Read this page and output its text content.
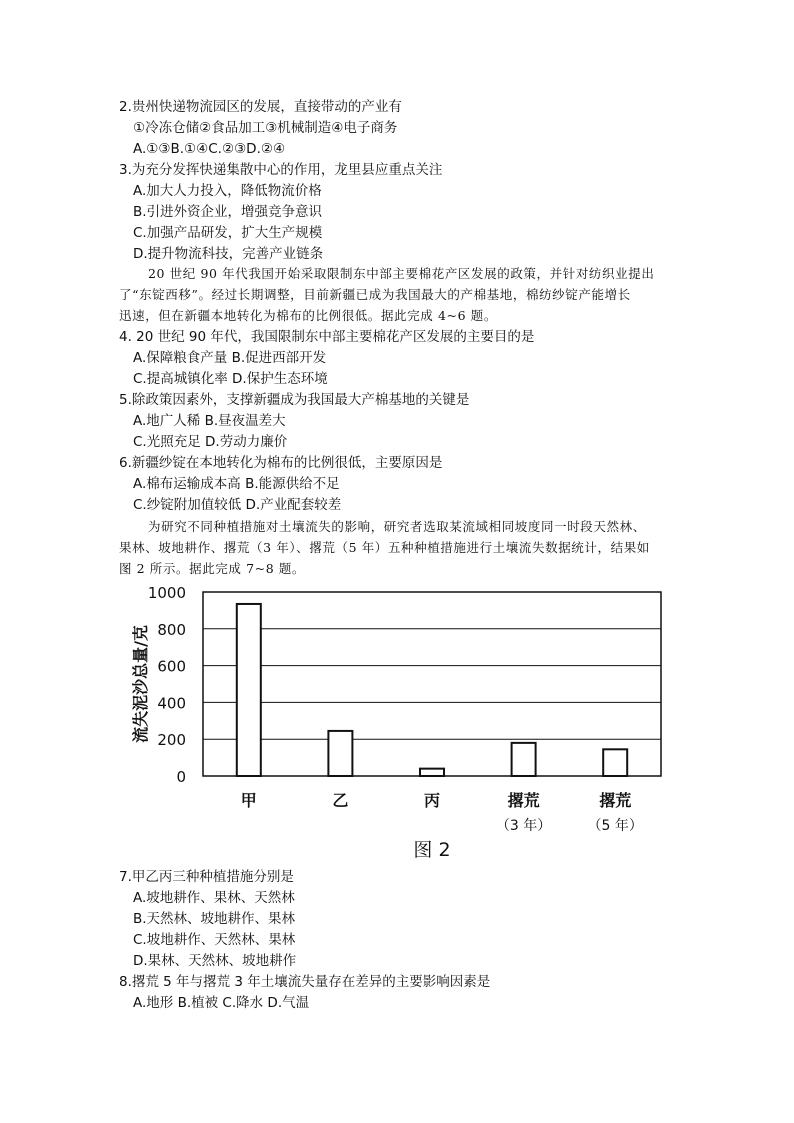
2.贵州快递物流园区的发展，直接带动的产业有
①冷冻仓储②食品加工③机械制造④电子商务
A.①③B.①④C.②③D.②④
3.为充分发挥快递集散中心的作用，龙里县应重点关注
A.加大人力投入，降低物流价格
B.引进外资企业，增强竞争意识
C.加强产品研发，扩大生产规模
D.提升物流科技，完善产业链条
20 世纪 90 年代我国开始采取限制东中部主要棉花产区发展的政策，并针对纺织业提出
了“东锭西移”。经过长期调整，目前新疆已成为我国最大的产棉基地，棉纺纱锭产能增长
迅速，但在新疆本地转化为棉布的比例很低。据此完成 4~6 题。
4. 20 世纪 90 年代，我国限制东中部主要棉花产区发展的主要目的是
A.保障粮食产量 B.促进西部开发
C.提高城镇化率 D.保护生态环境
5.除政策因素外，支撑新疆成为我国最大产棉基地的关键是
A.地广人稀 B.昼夜温差大
C.光照充足 D.劳动力廉价
6.新疆纱锭在本地转化为棉布的比例很低，主要原因是
A.棉布运输成本高 B.能源供给不足
C.纱锭附加值较低 D.产业配套较差
为研究不同种植措施对土壤流失的影响，研究者选取某流域相同坡度同一时段天然林、
果林、坡地耕作、撂荒（3 年）、撂荒（5 年）五种种植措施进行土壤流失数据统计，结果如
图 2 所示。据此完成 7~8 题。
1000
800
600
400
200
0
甲	乙	丙	撂荒
（3 年）
撂荒
（5 年）
流失泥沙总量/克
图 2
7.甲乙丙三种种植措施分别是
A.坡地耕作、果林、天然林
B.天然林、坡地耕作、果林
C.坡地耕作、天然林、果林
D.果林、天然林、坡地耕作
8.撂荒 5 年与撂荒 3 年土壤流失量存在差异的主要影响因素是
A.地形 B.植被 C.降水 D.气温
